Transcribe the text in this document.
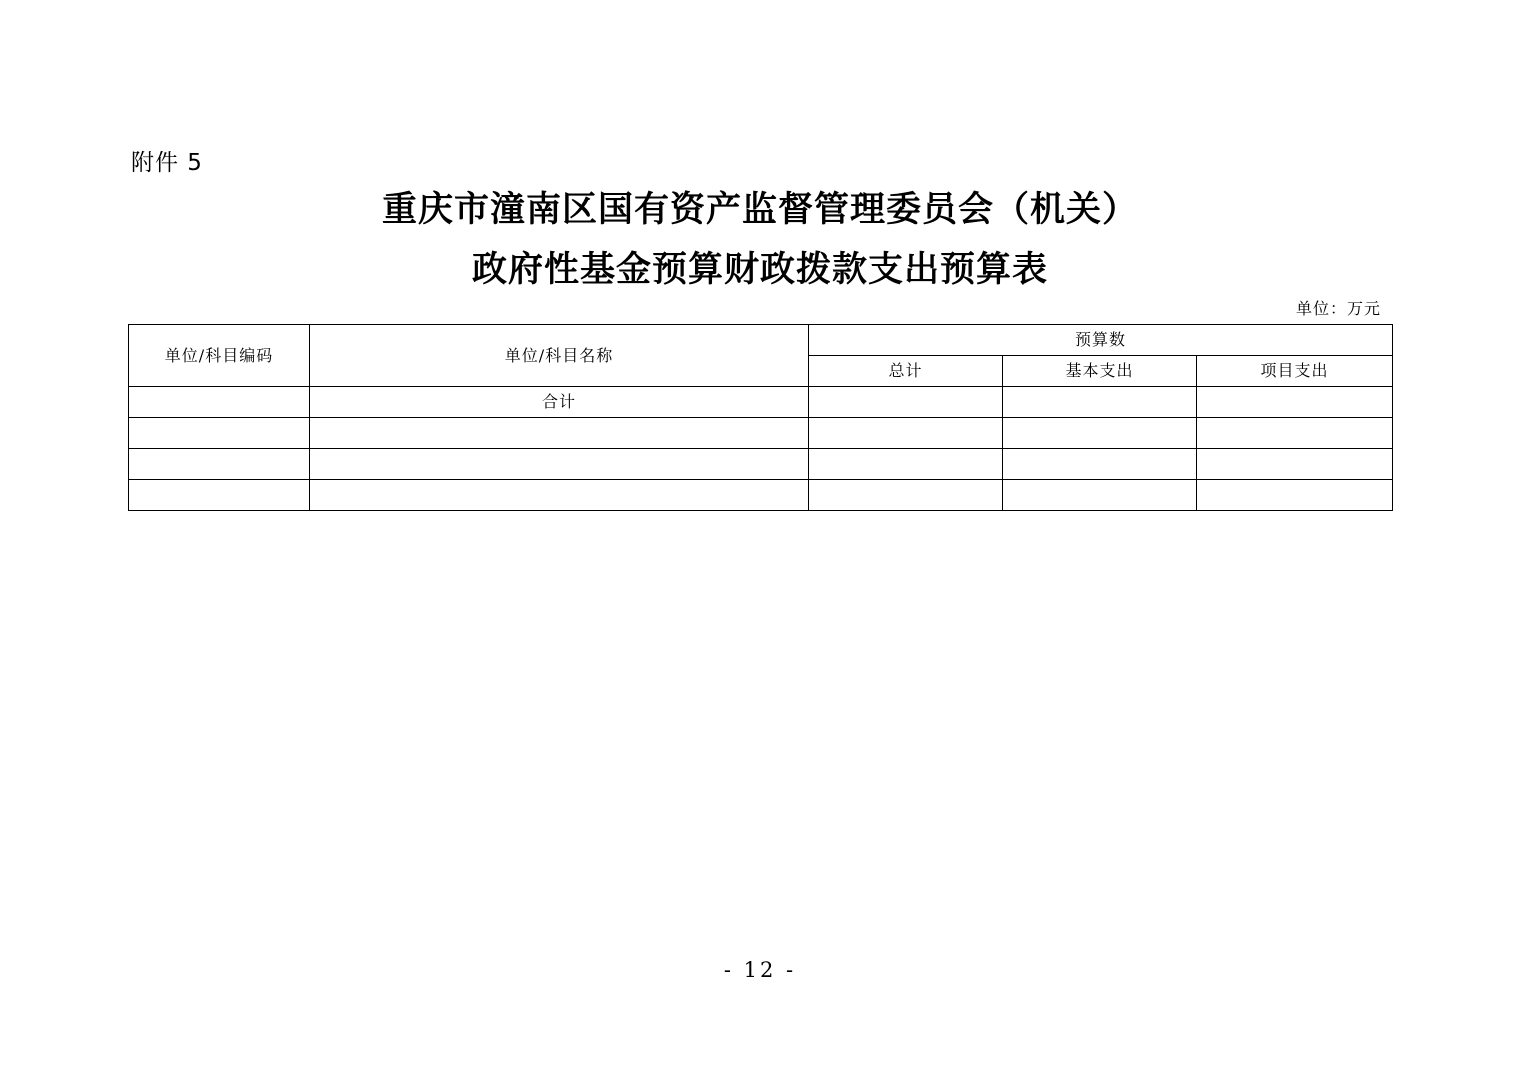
附件 5
重庆市潼南区国有资产监督管理委员会（机关）
政府性基金预算财政拨款支出预算表
单位：万元
单位/科目编码	单位/科目名称	预算数		
		总计	基本支出	项目支出
	合计			

- 12 -
